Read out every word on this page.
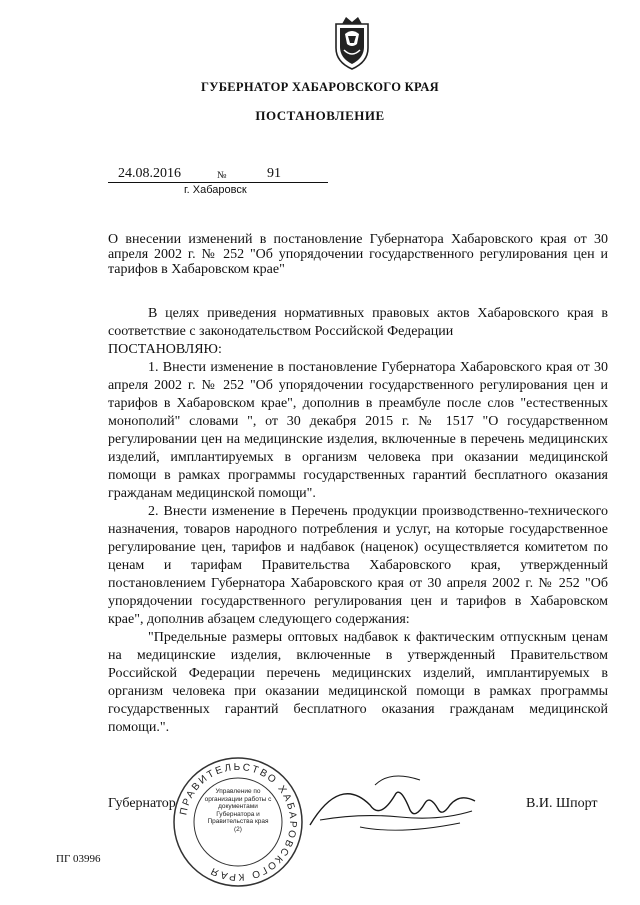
ГУБЕРНАТОР ХАБАРОВСКОГО КРАЯ
ПОСТАНОВЛЕНИЕ
24.08.2016	№	91
г. Хабаровск
О внесении изменений в постановление Губернатора Хабаровского края от 30 апреля 2002 г. № 252 "Об упорядочении государственного регулирования цен и тарифов в Хабаровском крае"

В целях приведения нормативных правовых актов Хабаровского края в соответствие с законодательством Российской Федерации

ПОСТАНОВЛЯЮ:

1. Внести изменение в постановление Губернатора Хабаровского края от 30 апреля 2002 г. № 252 "Об упорядочении государственного регулирования цен и тарифов в Хабаровском крае", дополнив в преамбуле после слов "естественных монополий" словами ", от 30 декабря 2015 г. № 1517 "О государственном регулировании цен на медицинские изделия, включенные в перечень медицинских изделий, имплантируемых в организм человека при оказании медицинской помощи в рамках программы государственных гарантий бесплатного оказания гражданам медицинской помощи".

2. Внести изменение в Перечень продукции производственно-технического назначения, товаров народного потребления и услуг, на которые государственное регулирование цен, тарифов и надбавок (наценок) осуществляется комитетом по ценам и тарифам Правительства Хабаровского края, утвержденный постановлением Губернатора Хабаровского края от 30 апреля 2002 г. № 252 "Об упорядочении государственного регулирования цен и тарифов в Хабаровском крае", дополнив абзацем следующего содержания:

"Предельные размеры оптовых надбавок к фактическим отпускным ценам на медицинские изделия, включенные в утвержденный Правительством Российской Федерации перечень медицинских изделий, имплантируемых в организм человека при оказании медицинской помощи в рамках программы государственных гарантий бесплатного оказания гражданам медицинской помощи.".

Губернатор	В.И. Шпорт
ПРАВИТЕЛЬСТВО ХАБАРОВСКОГО КРАЯ
Управление по организации работы с документами Губернатора и Правительства края
(2)
ПГ 03996
